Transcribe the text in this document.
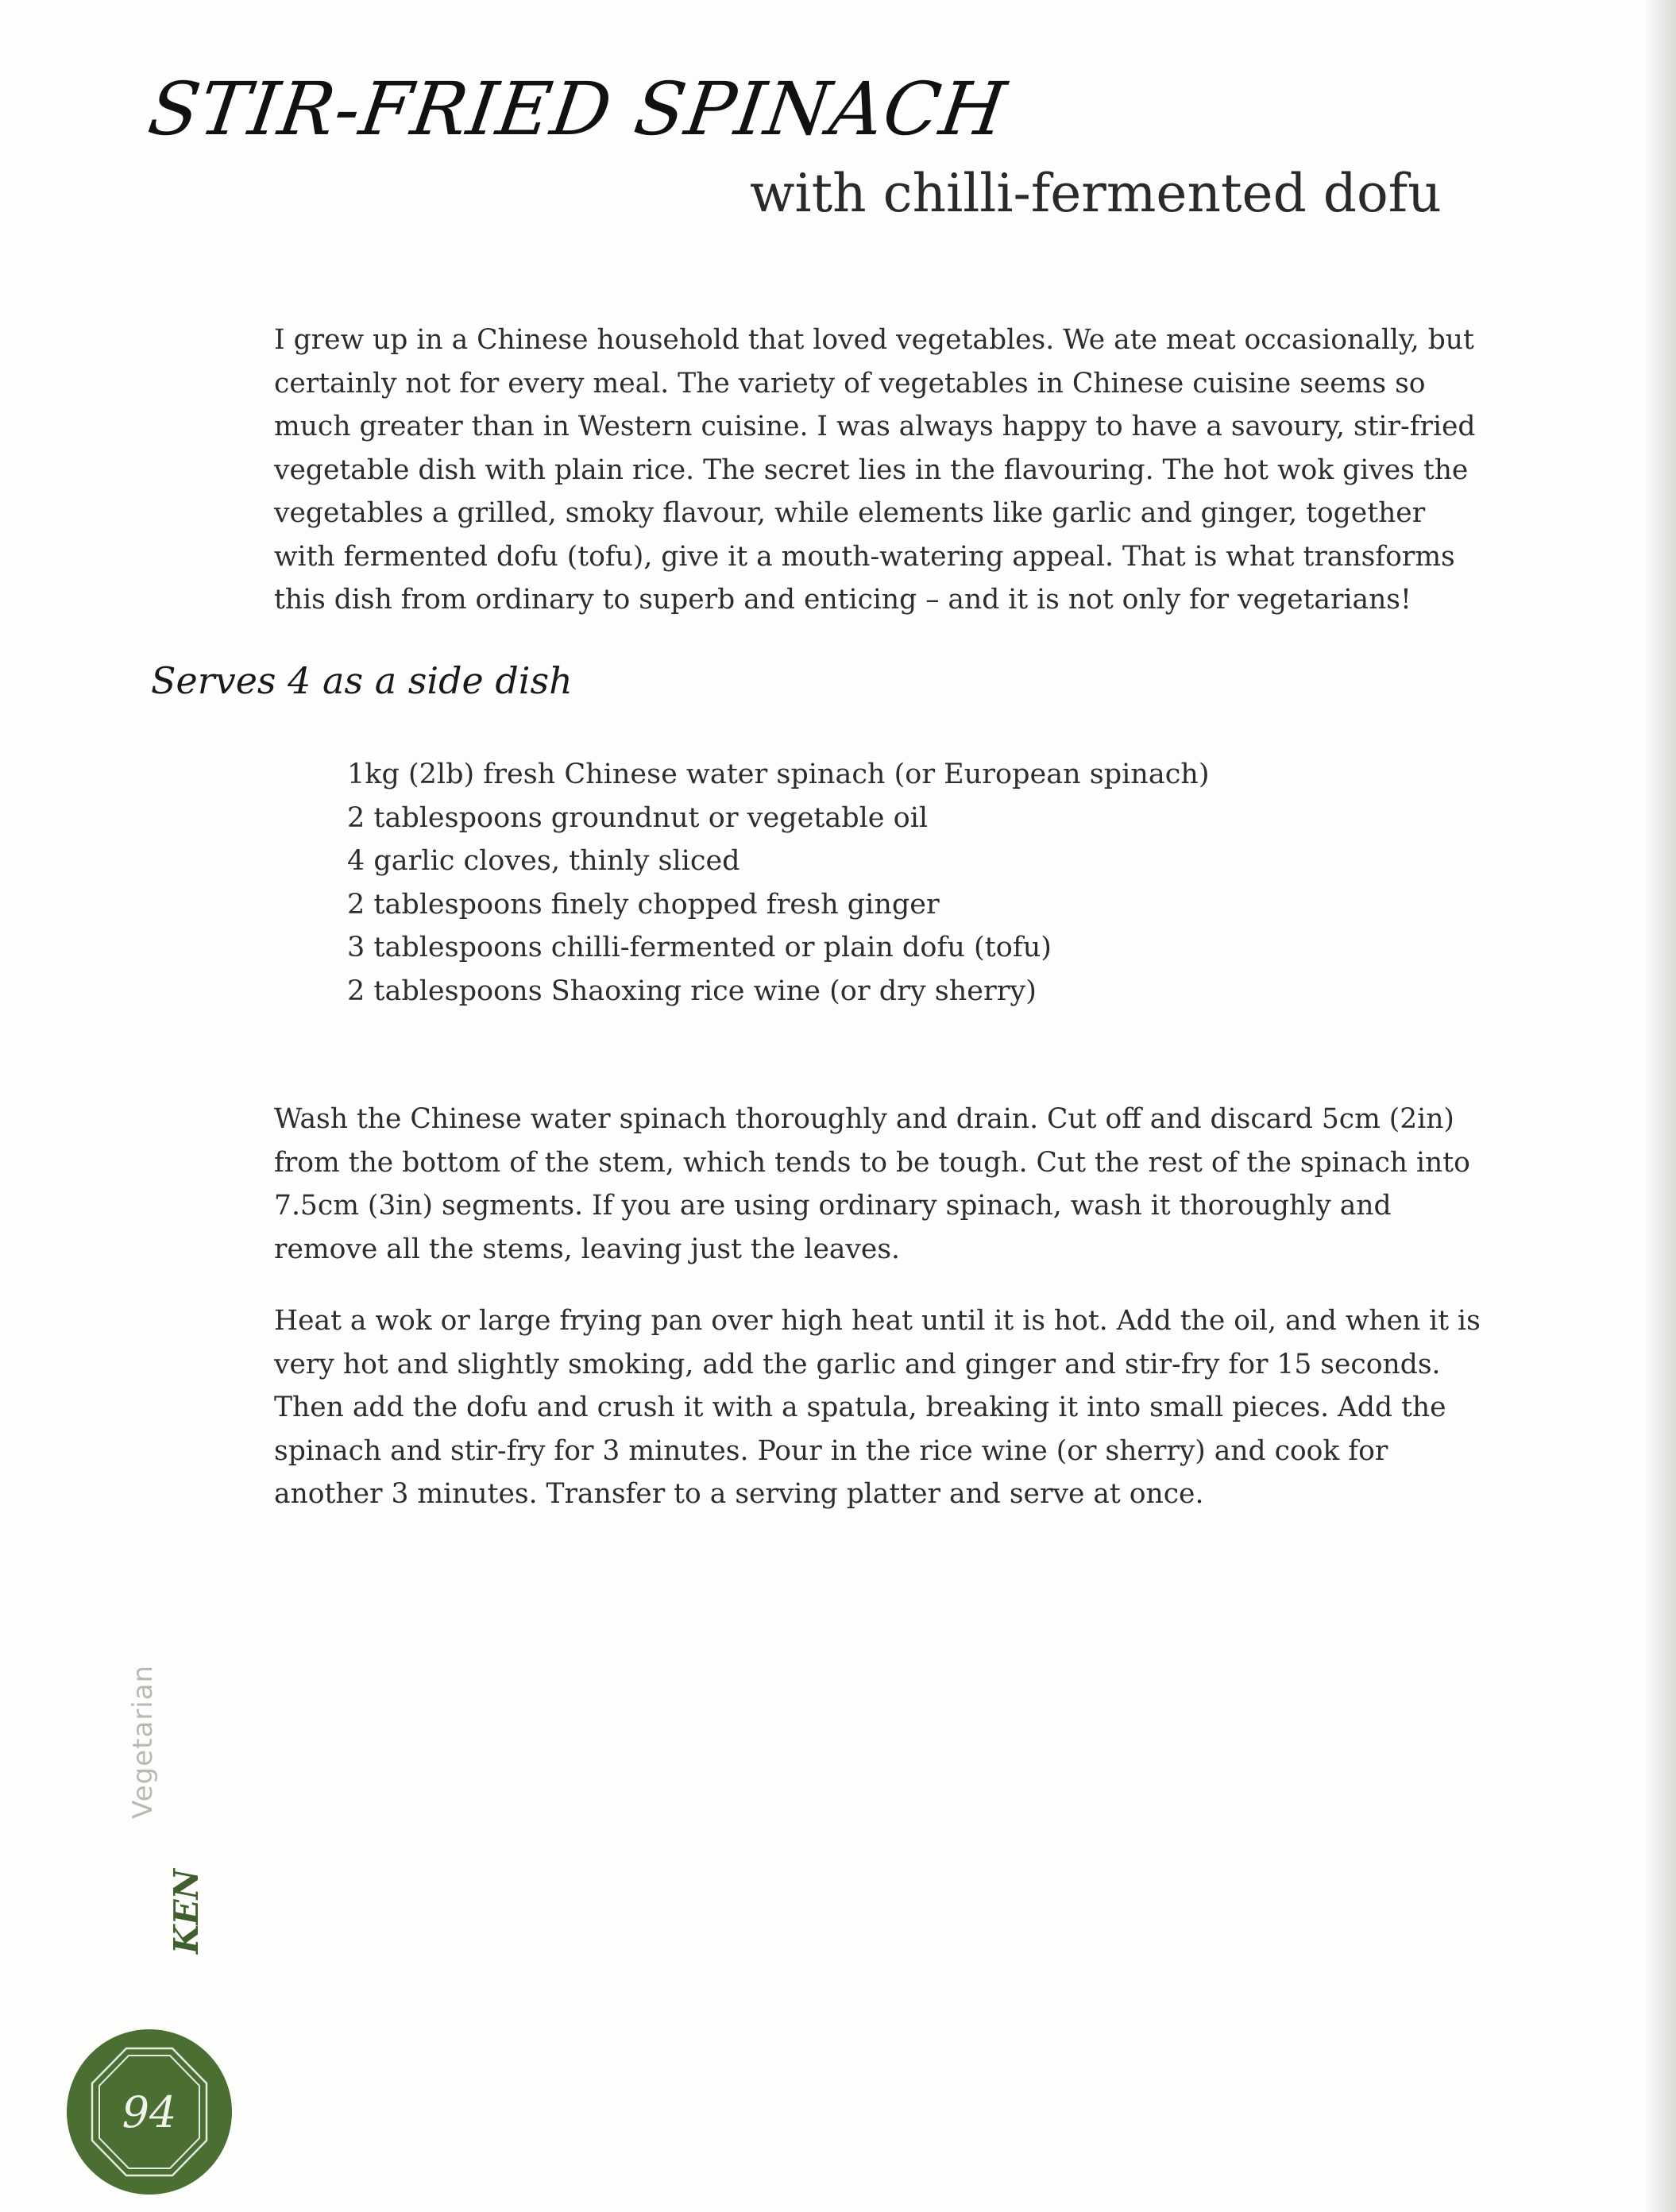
STIR-FRIED SPINACH
with chilli-fermented dofu

I grew up in a Chinese household that loved vegetables. We ate meat occasionally, but certainly not for every meal. The variety of vegetables in Chinese cuisine seems so much greater than in Western cuisine. I was always happy to have a savoury, stir-fried vegetable dish with plain rice. The secret lies in the flavouring. The hot wok gives the vegetables a grilled, smoky flavour, while elements like garlic and ginger, together with fermented dofu (tofu), give it a mouth-watering appeal. That is what transforms this dish from ordinary to superb and enticing – and it is not only for vegetarians!

Serves 4 as a side dish
1kg (2lb) fresh Chinese water spinach (or European spinach)
2 tablespoons groundnut or vegetable oil
4 garlic cloves, thinly sliced
2 tablespoons finely chopped fresh ginger
3 tablespoons chilli-fermented or plain dofu (tofu)
2 tablespoons Shaoxing rice wine (or dry sherry)

Wash the Chinese water spinach thoroughly and drain. Cut off and discard 5cm (2in) from the bottom of the stem, which tends to be tough. Cut the rest of the spinach into 7.5cm (3in) segments. If you are using ordinary spinach, wash it thoroughly and remove all the stems, leaving just the leaves.

Heat a wok or large frying pan over high heat until it is hot. Add the oil, and when it is very hot and slightly smoking, add the garlic and ginger and stir-fry for 15 seconds. Then add the dofu and crush it with a spatula, breaking it into small pieces. Add the spinach and stir-fry for 3 minutes. Pour in the rice wine (or sherry) and cook for another 3 minutes. Transfer to a serving platter and serve at once.

Vegetarian
KEN
94
